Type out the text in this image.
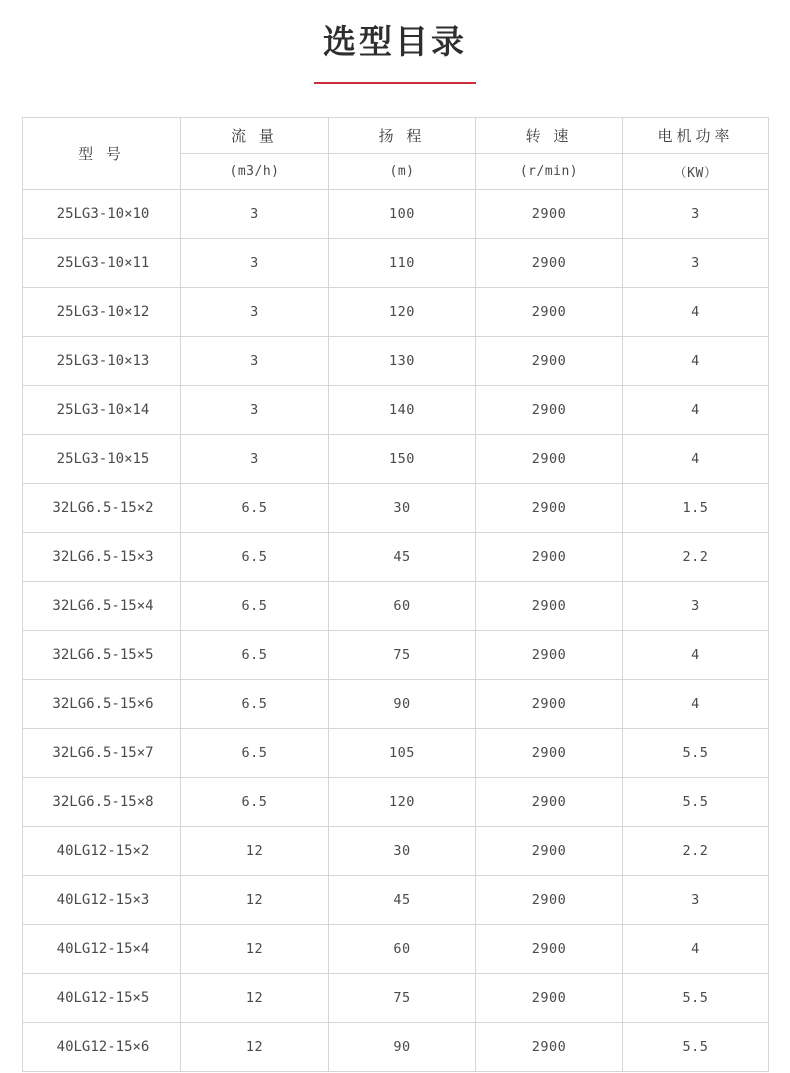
选型目录
型 号	流 量	扬 程	转 速	电机功率
	(m3/h)	(m)	(r/min)	（KW）
25LG3-10×10	3	100	2900	3
25LG3-10×11	3	110	2900	3
25LG3-10×12	3	120	2900	4
25LG3-10×13	3	130	2900	4
25LG3-10×14	3	140	2900	4
25LG3-10×15	3	150	2900	4
32LG6.5-15×2	6.5	30	2900	1.5
32LG6.5-15×3	6.5	45	2900	2.2
32LG6.5-15×4	6.5	60	2900	3
32LG6.5-15×5	6.5	75	2900	4
32LG6.5-15×6	6.5	90	2900	4
32LG6.5-15×7	6.5	105	2900	5.5
32LG6.5-15×8	6.5	120	2900	5.5
40LG12-15×2	12	30	2900	2.2
40LG12-15×3	12	45	2900	3
40LG12-15×4	12	60	2900	4
40LG12-15×5	12	75	2900	5.5
40LG12-15×6	12	90	2900	5.5
